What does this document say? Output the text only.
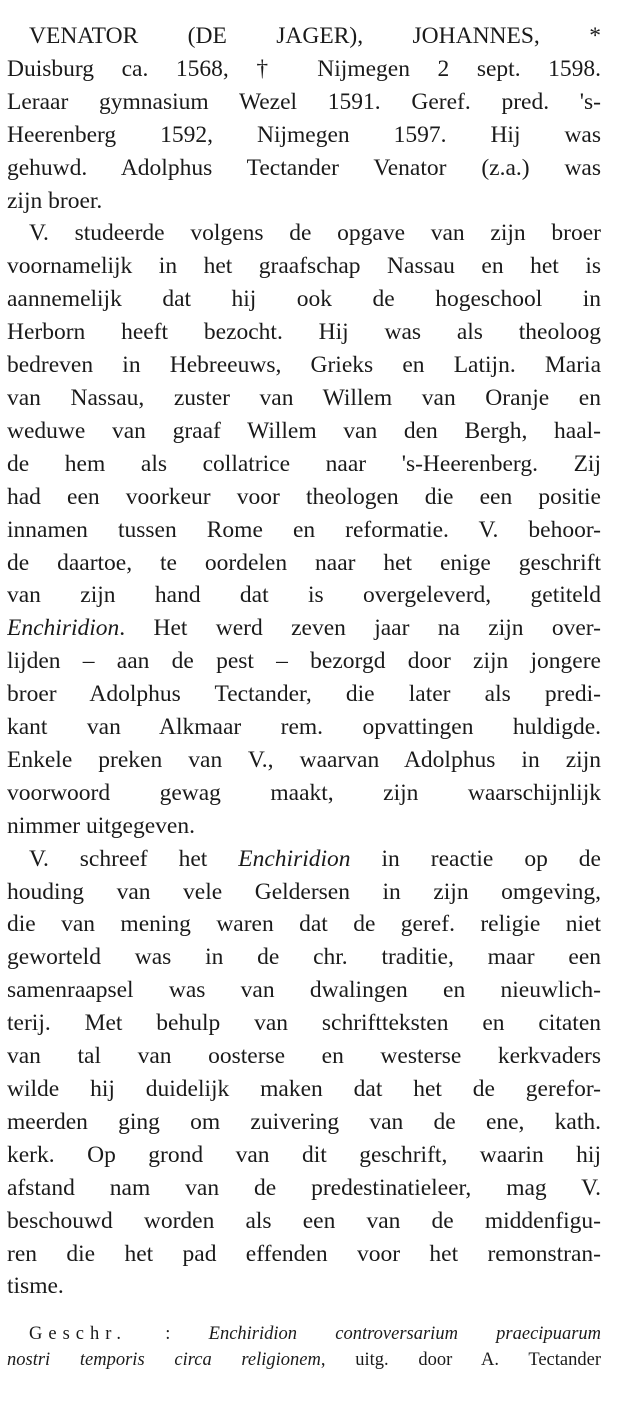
VENATOR (DE JAGER), JOHANNES, *
Duisburg ca. 1568, † Nijmegen 2 sept. 1598.
Leraar gymnasium Wezel 1591. Geref. pred. 's-
Heerenberg 1592, Nijmegen 1597. Hij was
gehuwd. Adolphus Tectander Venator (z.a.) was
zijn broer.
V. studeerde volgens de opgave van zijn broer
voornamelijk in het graafschap Nassau en het is
aannemelijk dat hij ook de hogeschool in
Herborn heeft bezocht. Hij was als theoloog
bedreven in Hebreeuws, Grieks en Latijn. Maria
van Nassau, zuster van Willem van Oranje en
weduwe van graaf Willem van den Bergh, haal-
de hem als collatrice naar 's-Heerenberg. Zij
had een voorkeur voor theologen die een positie
innamen tussen Rome en reformatie. V. behoor-
de daartoe, te oordelen naar het enige geschrift
van zijn hand dat is overgeleverd, getiteld
Enchiridion. Het werd zeven jaar na zijn over-
lijden – aan de pest – bezorgd door zijn jongere
broer Adolphus Tectander, die later als predi-
kant van Alkmaar rem. opvattingen huldigde.
Enkele preken van V., waarvan Adolphus in zijn
voorwoord gewag maakt, zijn waarschijnlijk
nimmer uitgegeven.
V. schreef het Enchiridion in reactie op de
houding van vele Geldersen in zijn omgeving,
die van mening waren dat de geref. religie niet
geworteld was in de chr. traditie, maar een
samenraapsel was van dwalingen en nieuwlich-
terij. Met behulp van schriftteksten en citaten
van tal van oosterse en westerse kerkvaders
wilde hij duidelijk maken dat het de gerefor-
meerden ging om zuivering van de ene, kath.
kerk. Op grond van dit geschrift, waarin hij
afstand nam van de predestinatieleer, mag V.
beschouwd worden als een van de middenfigu-
ren die het pad effenden voor het remonstran-
tisme.
Geschr. : Enchiridion controversarium praecipuarum
nostri temporis circa religionem, uitg. door A. Tectander
